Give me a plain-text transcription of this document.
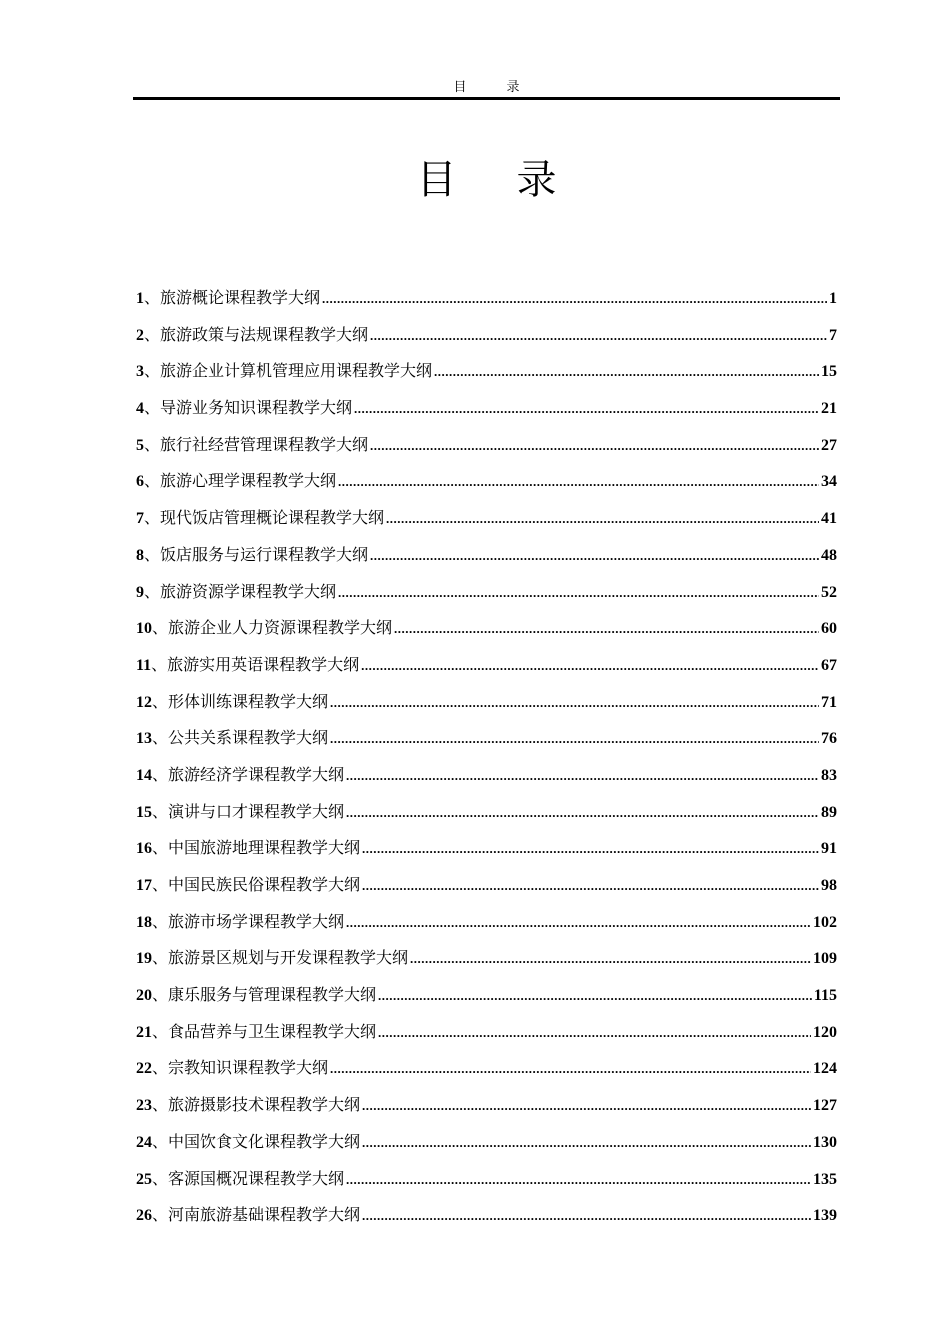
目录
目录
1 、 旅游概论课程教学大纲 .....	1
2 、 旅游政策与法规课程教学大纲 .....	7
3 、 旅游企业计算机管理应用课程教学大纲 .....	15
4 、 导游业务知识课程教学大纲 .....	21
5 、 旅行社经营管理课程教学大纲 .....	27
6 、 旅游心理学课程教学大纲 .....	34
7 、 现代饭店管理概论课程教学大纲 .....	41
8 、 饭店服务与运行课程教学大纲 .....	48
9 、 旅游资源学课程教学大纲 .....	52
10 、 旅游企业人力资源课程教学大纲 .....	60
11 、 旅游实用英语课程教学大纲 .....	67
12 、 形体训练课程教学大纲 .....	71
13 、 公共关系课程教学大纲 .....	76
14 、 旅游经济学课程教学大纲 .....	83
15 、 演讲与口才课程教学大纲 .....	89
16 、 中国旅游地理课程教学大纲 .....	91
17 、 中国民族民俗课程教学大纲 .....	98
18 、 旅游市场学课程教学大纲 .....	102
19 、 旅游景区规划与开发课程教学大纲 .....	109
20 、 康乐服务与管理课程教学大纲 .....	115
21 、 食品营养与卫生课程教学大纲 .....	120
22 、 宗教知识课程教学大纲 .....	124
23 、 旅游摄影技术课程教学大纲 .....	127
24 、 中国饮食文化课程教学大纲 .....	130
25 、 客源国概况课程教学大纲 .....	135
26 、 河南旅游基础课程教学大纲 .....	139
